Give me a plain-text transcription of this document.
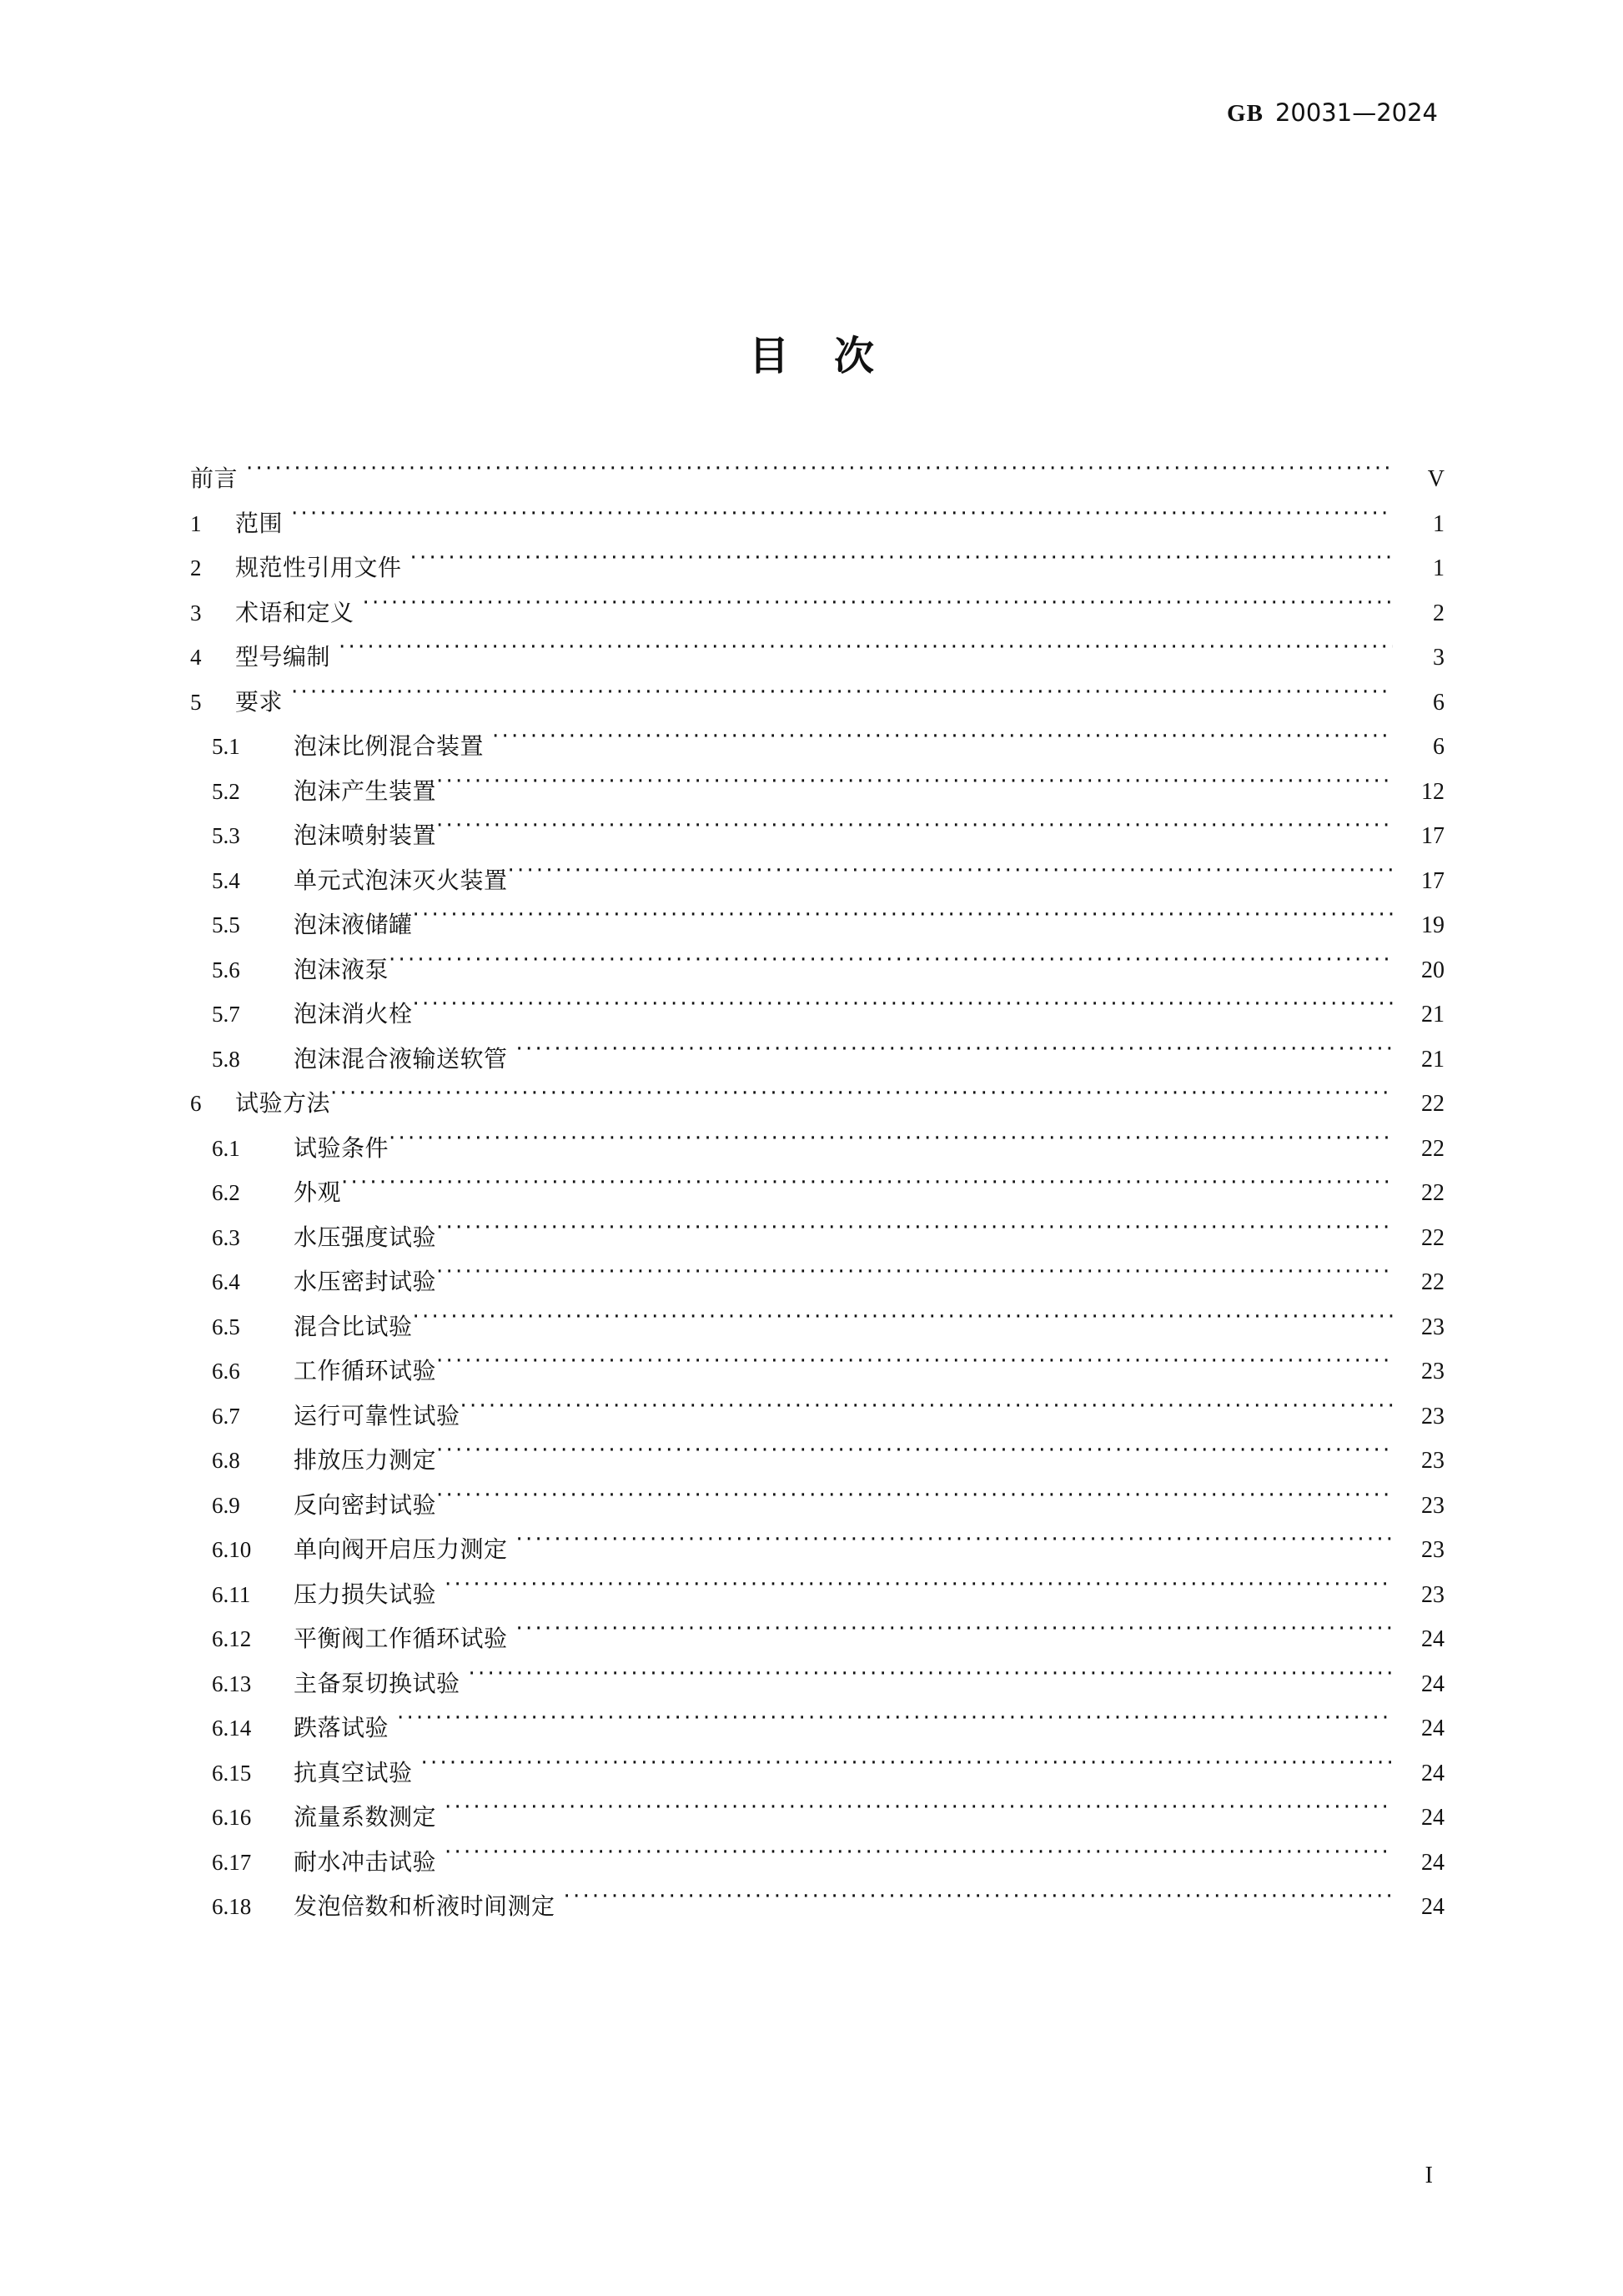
GB 20031—2024
目 次
前言 ·····	V
1	范围 ·····	1
2	规范性引用文件 ·····	1
3	术语和定义 ·····	2
4	型号编制 ·····	3
5	要求 ·····	6
5.1	泡沫比例混合装置 ·····	6
5.2	泡沫产生装置 ·····	12
5.3	泡沫喷射装置 ·····	17
5.4	单元式泡沫灭火装置 ·····	17
5.5	泡沫液储罐 ·····	19
5.6	泡沫液泵 ·····	20
5.7	泡沫消火栓 ·····	21
5.8	泡沫混合液输送软管 ·····	21
6	试验方法 ·····	22
6.1	试验条件 ·····	22
6.2	外观 ·····	22
6.3	水压强度试验 ·····	22
6.4	水压密封试验 ·····	22
6.5	混合比试验 ·····	23
6.6	工作循环试验 ·····	23
6.7	运行可靠性试验 ·····	23
6.8	排放压力测定 ·····	23
6.9	反向密封试验 ·····	23
6.10	单向阀开启压力测定 ·····	23
6.11	压力损失试验 ·····	23
6.12	平衡阀工作循环试验 ·····	24
6.13	主备泵切换试验 ·····	24
6.14	跌落试验 ·····	24
6.15	抗真空试验 ·····	24
6.16	流量系数测定 ·····	24
6.17	耐水冲击试验 ·····	24
6.18	发泡倍数和析液时间测定 ·····	24
I
